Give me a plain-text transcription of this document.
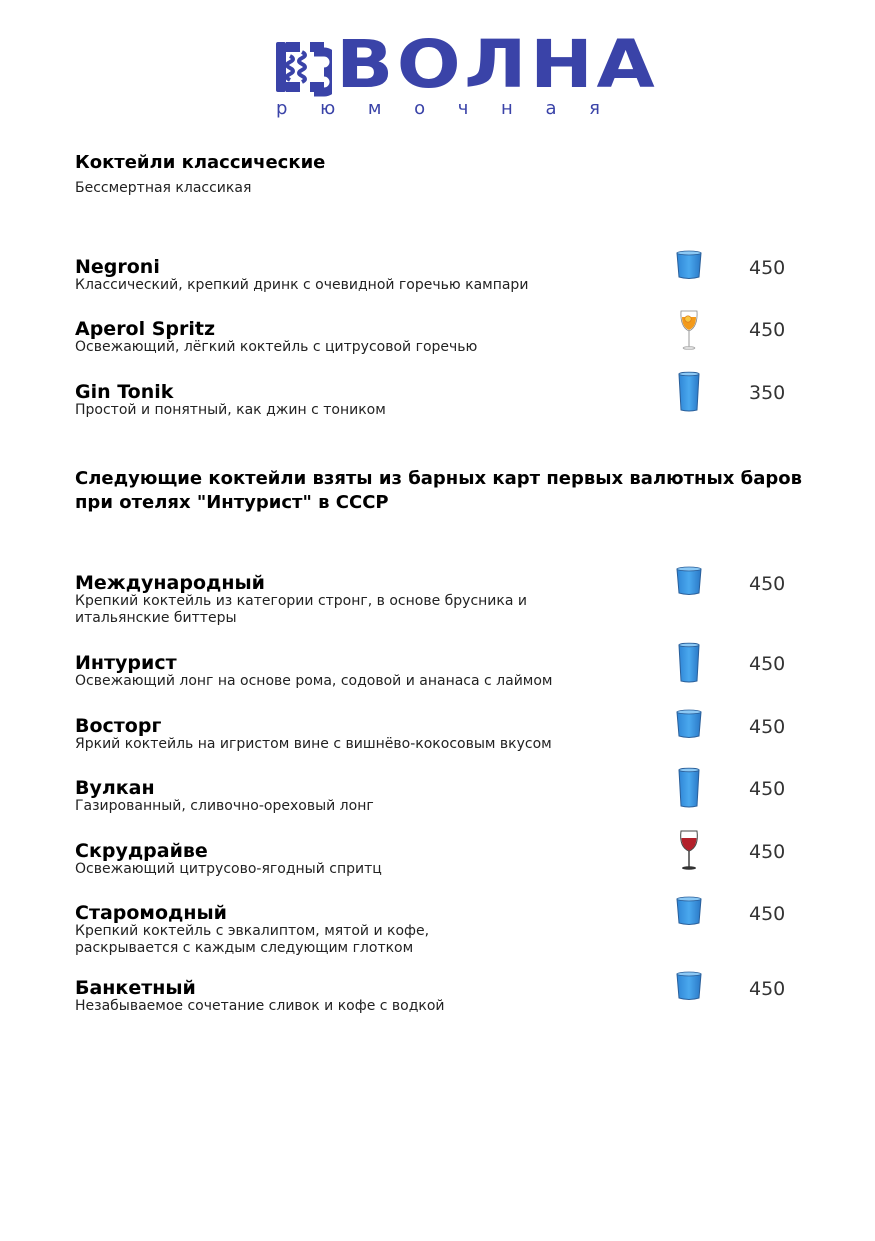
ВОЛНА
р ю м о ч н а я
Коктейли классические
Бессмертная классикая
Negroni
Классический, крепкий дринк с очевидной горечью кампари
450
Aperol Spritz
Освежающий, лёгкий коктейль с цитрусовой горечью
450
Gin Tonik
Простой и понятный, как джин с тоником
350
Следующие коктейли взяты из барных карт первых валютных баров при отелях "Интурист" в СССР
Международный
Крепкий коктейль из категории стронг, в основе брусника и итальянские биттеры
450
Интурист
Освежающий лонг на основе рома, содовой и ананаса с лаймом
450
Восторг
Яркий коктейль на игристом вине с вишнёво-кокосовым вкусом
450
Вулкан
Газированный, сливочно-ореховый лонг
450
Скрудрайве
Освежающий цитрусово-ягодный спритц
450
Старомодный
Крепкий коктейль с эвкалиптом, мятой и кофе, раскрывается с каждым следующим глотком
450
Банкетный
Незабываемое сочетание сливок и кофе с водкой
450
